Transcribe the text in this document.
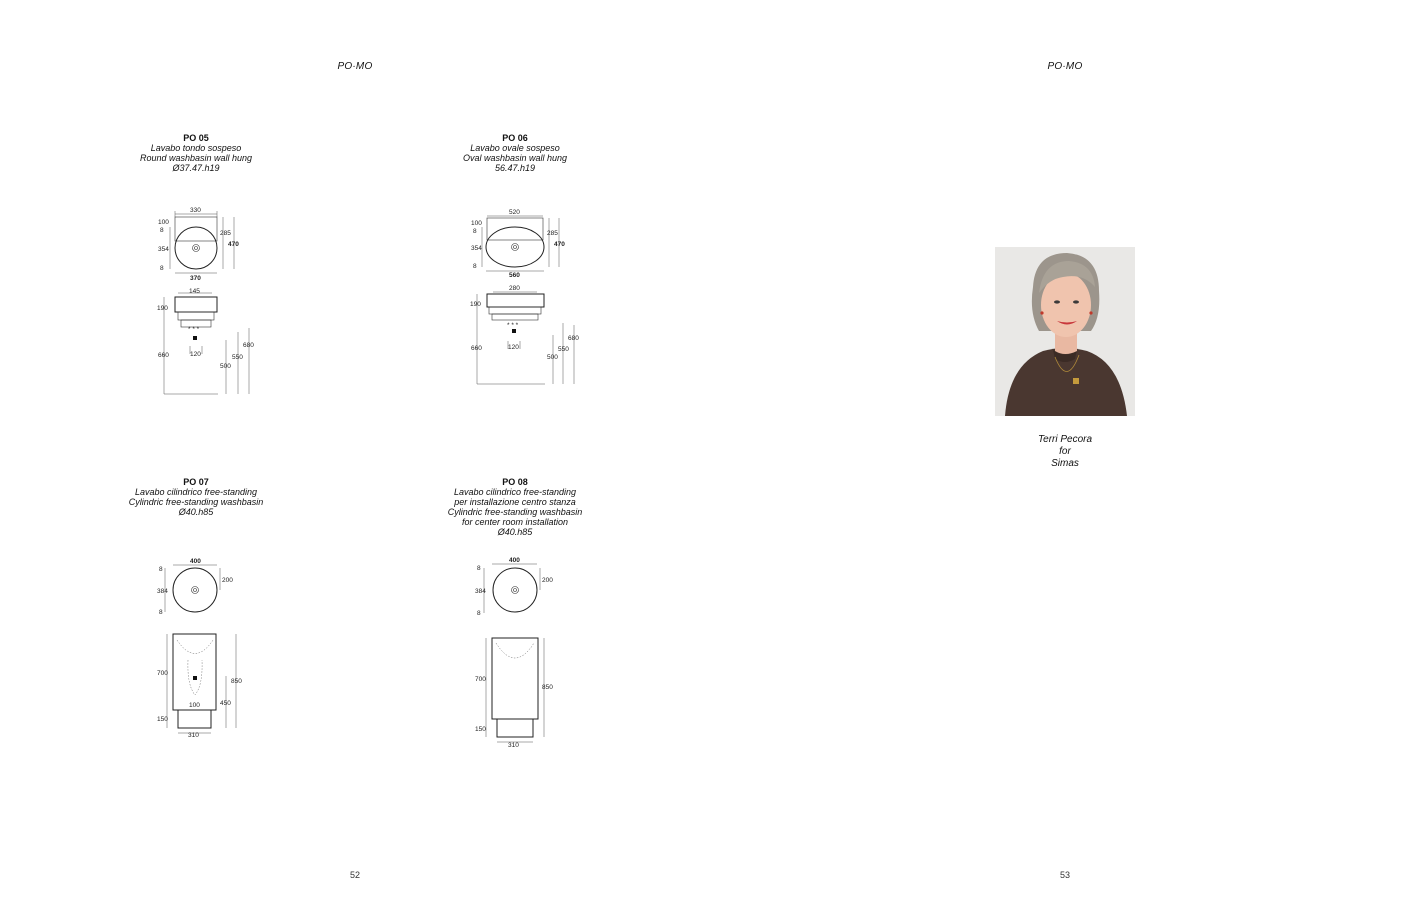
PO·MO
PO 05
Lavabo tondo sospeso
Round washbasin wall hung
Ø37.47.h19
330
100
8
354
8
285
470
370
145
190
660
* * *
120	550
680
500
PO 06
Lavabo ovale sospeso
Oval washbasin wall hung
56.47.h19
520
100
8
354
8
285
470
560
280
190
660
* * *
120	550
680
500
PO 07
Lavabo cilindrico free-standing
Cylindric free-standing washbasin
Ø40.h85
400
8
384
8
200
700
850
450
100
150
310
PO 08
Lavabo cilindrico free-standing
per installazione centro stanza
Cylindric free-standing washbasin
for center room installation
Ø40.h85
400
8
384
8
200
700
850
150
310
52
PO·MO
Terri Pecora
for
Simas
53
